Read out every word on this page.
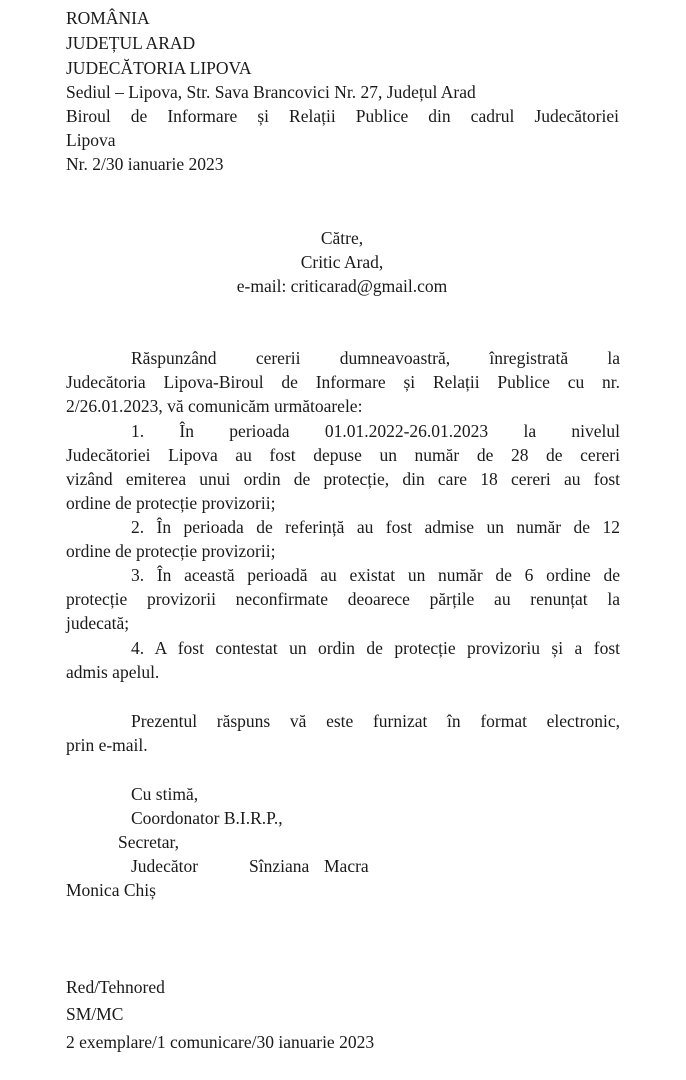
ROMÂNIA
JUDEȚUL ARAD
JUDECĂTORIA LIPOVA
Sediul – Lipova, Str. Sava Brancovici Nr. 27, Județul Arad
Biroul de Informare și Relații Publice din cadrul Judecătoriei
Lipova
Nr. 2/30 ianuarie 2023
Către,
Critic Arad,
e-mail: criticarad@gmail.com
Răspunzând cererii dumneavoastră, înregistrată la
Judecătoria Lipova-Biroul de Informare și Relații Publice cu nr.
2/26.01.2023, vă comunicăm următoarele:
1. În perioada 01.01.2022-26.01.2023 la nivelul
Judecătoriei Lipova au fost depuse un număr de 28 de cereri
vizând emiterea unui ordin de protecție, din care 18 cereri au fost
ordine de protecție provizorii;
2. În perioada de referință au fost admise un număr de 12
ordine de protecție provizorii;
3. În această perioadă au existat un număr de 6 ordine de
protecție provizorii neconfirmate deoarece părțile au renunțat la
judecată;
4. A fost contestat un ordin de protecție provizoriu și a fost
admis apelul.
Prezentul răspuns vă este furnizat în format electronic,
prin e-mail.
Cu stimă,
Coordonator B.I.R.P.,
Secretar,
Judecător	Sînziana Macra
Monica Chiș
Red/Tehnored
SM/MC
2 exemplare/1 comunicare/30 ianuarie 2023
